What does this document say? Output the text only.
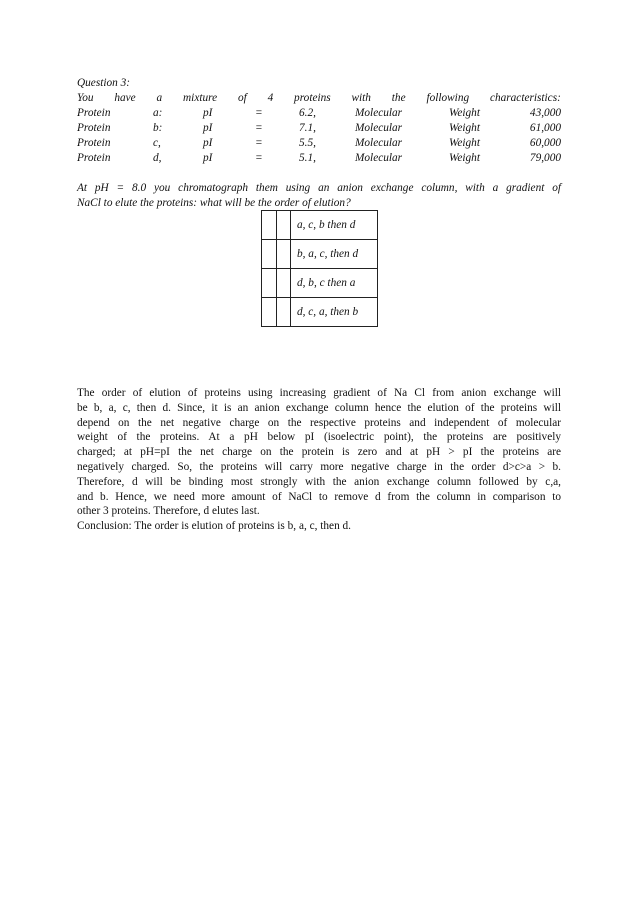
Question 3:
You have a mixture of 4 proteins with the following characteristics:
Protein	a:	pI	=	6.2,	Molecular	Weight	43,000
Protein	b:	pI	=	7.1,	Molecular	Weight	61,000
Protein	c,	pI	=	5.5,	Molecular	Weight	60,000
Protein	d,	pI	=	5.1,	Molecular	Weight	79,000
At pH = 8.0 you chromatograph them using an anion exchange column, with a gradient of
NaCl to elute the proteins: what will be the order of elution?
		a, c, b then d
		b, a, c, then d
		d, b, c then a
		d, c, a, then b
The order of elution of proteins using increasing gradient of Na Cl from anion exchange will
be b, a, c, then d. Since, it is an anion exchange column hence the elution of the proteins will
depend on the net negative charge on the respective proteins and independent of molecular
weight of the proteins. At a pH below pI (isoelectric point), the proteins are positively
charged; at pH=pI the net charge on the protein is zero and at pH > pI the proteins are
negatively charged. So, the proteins will carry more negative charge in the order d>c>a > b.
Therefore, d will be binding most strongly with the anion exchange column followed by c,a,
and b. Hence, we need more amount of NaCl to remove d from the column in comparison to
other 3 proteins. Therefore, d elutes last.
Conclusion: The order is elution of proteins is b, a, c, then d.
